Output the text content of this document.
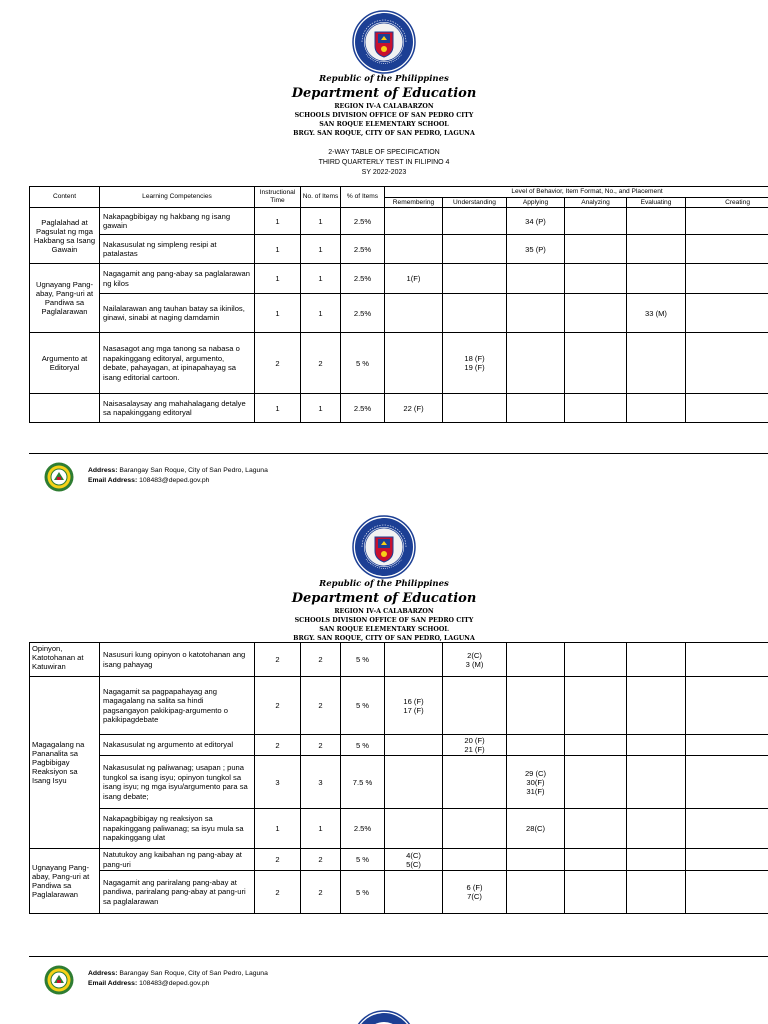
Republic of the Philippines
Department of Education
REGION IV-A CALABARZON
SCHOOLS DIVISION OFFICE OF SAN PEDRO CITY
SAN ROQUE ELEMENTARY SCHOOL
BRGY. SAN ROQUE, CITY OF SAN PEDRO, LAGUNA
2-WAY TABLE OF SPECIFICATION
THIRD QUARTERLY TEST IN FILIPINO 4
SY 2022-2023
Content	Learning Competencies	Instructional Time	No. of Items	% of Items	Level of Behavior, Item Format, No., and Placement					
					Remembering	Understanding	Applying	Analyzing	Evaluating	Creating
Paglalahad at Pagsulat ng mga Hakbang sa Isang Gawain	Nakapagbibigay ng hakbang ng isang gawain	1	1	2.5%			34 (P)			
	Nakasusulat ng simpleng resipi at patalastas	1	1	2.5%			35 (P)			
Ugnayang Pang-abay, Pang-uri at Pandiwa sa Paglalarawan	Nagagamit ang pang-abay sa paglalarawan ng kilos	1	1	2.5%	1(F)					
	Nailalarawan ang tauhan batay sa ikinilos, ginawi, sinabi at naging damdamin	1	1	2.5%					33 (M)	
Argumento at Editoryal	Nasasagot ang mga tanong sa nabasa o napakinggang editoryal, argumento, debate, pahayagan, at ipinapahayag sa isang editorial cartoon.	2	2	5 %		18 (F)
19 (F)				
	Naisasalaysay ang mahahalagang detalye sa napakinggang editoryal	1	1	2.5%	22 (F)					
Address: Barangay San Roque, City of San Pedro, Laguna
Email Address: 108483@deped.gov.ph
Republic of the Philippines
Department of Education
REGION IV-A CALABARZON
SCHOOLS DIVISION OFFICE OF SAN PEDRO CITY
SAN ROQUE ELEMENTARY SCHOOL
BRGY. SAN ROQUE, CITY OF SAN PEDRO, LAGUNA
Opinyon, Katotohanan at Katuwiran	Nasusuri kung opinyon o katotohanan ang isang pahayag	2	2	5 %		2(C)
3 (M)				
Magagalang na Pananalita sa Pagbibigay Reaksiyon sa Isang Isyu	Nagagamit sa pagpapahayag ang magagalang na salita sa hindi pagsangayon pakikipag-argumento o pakikipagdebate	2	2	5 %	16 (F)
17 (F)					
	Nakasusulat ng argumento at editoryal	2	2	5 %		20 (F)
21 (F)				
	Nakasusulat ng paliwanag; usapan ; puna tungkol sa isang isyu; opinyon tungkol sa isang isyu; ng mga isyu/argumento para sa isang debate;	3	3	7.5 %			29 (C)
30(F)
31(F)			
	Nakapagbibigay ng reaksiyon sa napakinggang paliwanag; sa isyu mula sa napakinggang ulat	1	1	2.5%			28(C)			
Ugnayang Pang-abay, Pang-uri at Pandiwa sa Paglalarawan	Natutukoy ang kaibahan ng pang-abay at pang-uri	2	2	5 %	4(C)
5(C)					
	Nagagamit ang pariralang pang-abay at pandiwa, pariralang pang-abay at pang-uri sa paglalarawan	2	2	5 %		6 (F)
7(C)				
Address: Barangay San Roque, City of San Pedro, Laguna
Email Address: 108483@deped.gov.ph
